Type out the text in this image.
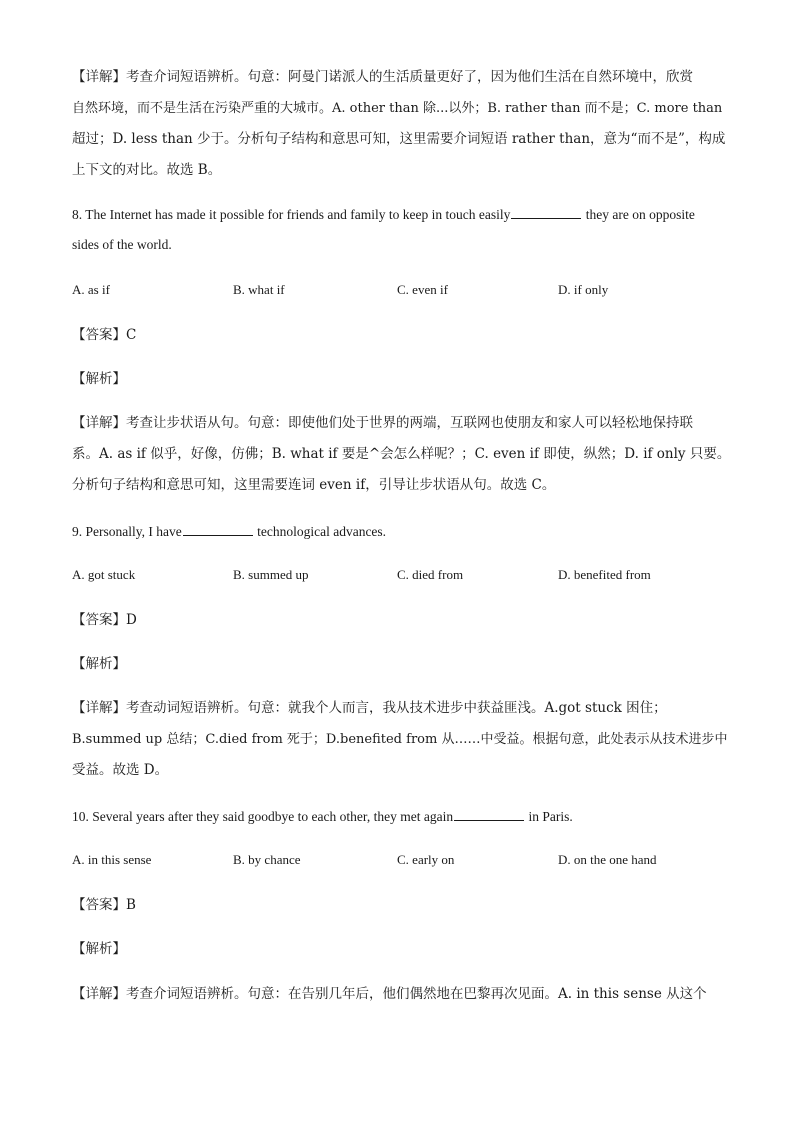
【详解】考查介词短语辨析。句意：阿曼门诺派人的生活质量更好了，因为他们生活在自然环境中，欣赏
自然环境，而不是生活在污染严重的大城市。A. other than 除...以外；B. rather than 而不是；C. more than
超过；D. less than 少于。分析句子结构和意思可知，这里需要介词短语 rather than，意为“而不是”，构成
上下文的对比。故选 B。
8. The Internet has made it possible for friends and family to keep in touch easily	they are on opposite
sides of the world.
A. as if	B. what if	C. even if	D. if only
【答案】C
【解析】
【详解】考查让步状语从句。句意：即使他们处于世界的两端，互联网也使朋友和家人可以轻松地保持联
系。A. as if 似乎，好像，仿佛；B. what if 要是^会怎么样呢？；C. even if 即使，纵然；D. if only 只要。
分析句子结构和意思可知，这里需要连词 even if，引导让步状语从句。故选 C。
9. Personally, I have	technological advances.
A. got stuck	B. summed up	C. died from	D. benefited from
【答案】D
【解析】
【详解】考查动词短语辨析。句意：就我个人而言，我从技术进步中获益匪浅。A.got stuck 困住；
B.summed up 总结；C.died from 死于；D.benefited from 从……中受益。根据句意，此处表示从技术进步中
受益。故选 D。
10. Several years after they said goodbye to each other, they met again	in Paris.
A. in this sense	B. by chance	C. early on	D. on the one hand
【答案】B
【解析】
【详解】考查介词短语辨析。句意：在告别几年后，他们偶然地在巴黎再次见面。A. in this sense 从这个
